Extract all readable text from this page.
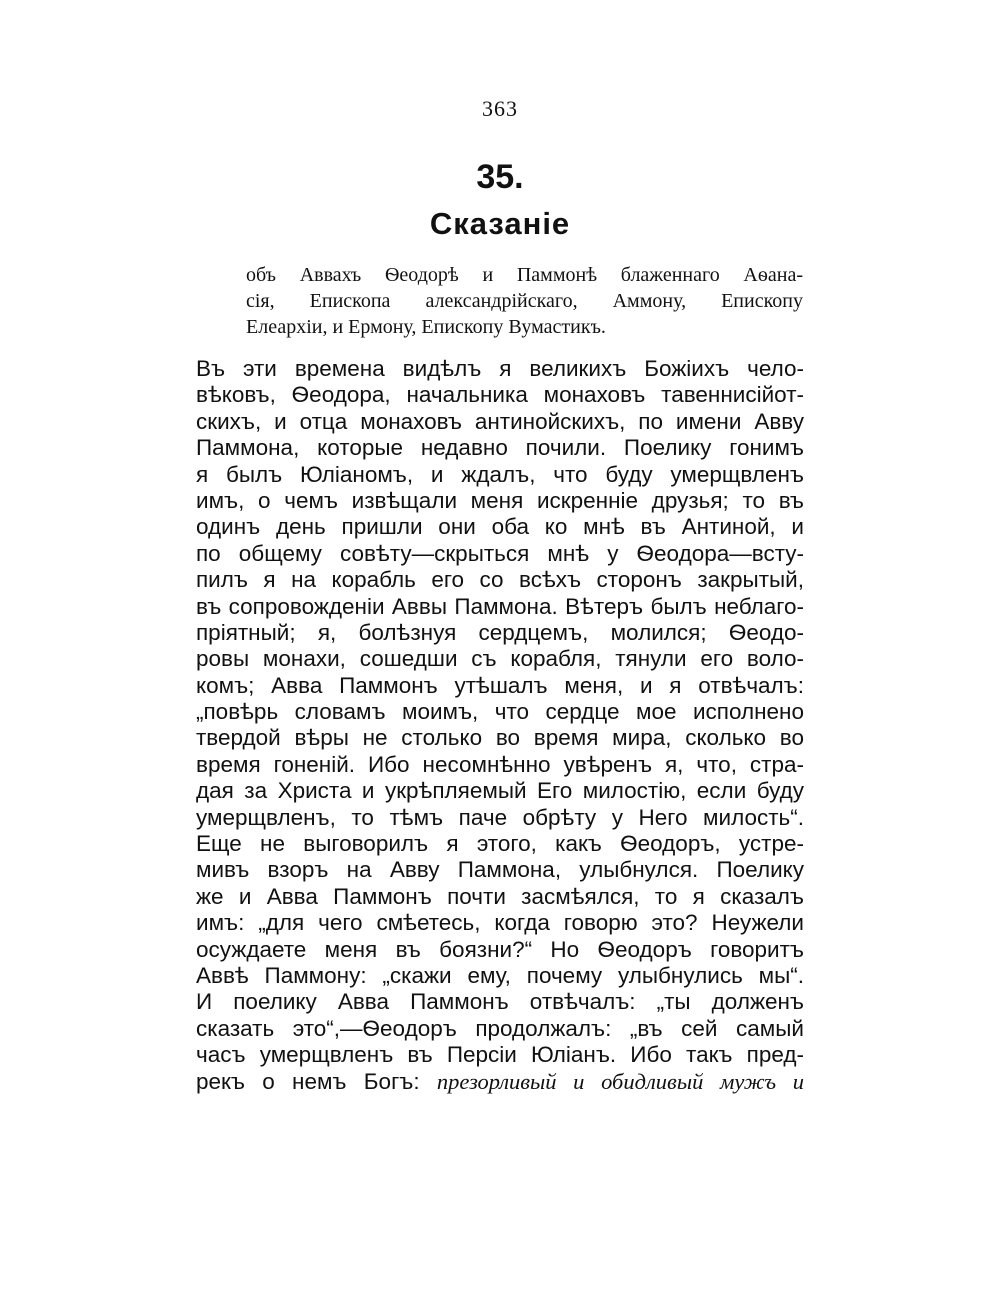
363
35.
Сказаніе
объ Аввахъ Ѳеодорѣ и Паммонѣ блаженнаго Аѳана-
сія, Епископа александрійскаго, Аммону, Епископу
Елеархіи, и Ермону, Епископу Вумастикъ.
Въ эти времена видѣлъ я великихъ Божіихъ чело-
вѣковъ, Ѳеодора, начальника монаховъ тавеннисійот-
скихъ, и отца монаховъ антинойскихъ, по имени Авву
Паммона, которые недавно почили. Поелику гонимъ
я былъ Юліаномъ, и ждалъ, что буду умерщвленъ
имъ, о чемъ извѣщали меня искренніе друзья; то въ
одинъ день пришли они оба ко мнѣ въ Антиной, и
по общему совѣту—скрыться мнѣ у Ѳеодора—всту-
пилъ я на корабль его со всѣхъ сторонъ закрытый,
въ сопровожденіи Аввы Паммона. Вѣтеръ былъ неблаго-
пріятный; я, болѣзнуя сердцемъ, молился; Ѳеодо-
ровы монахи, сошедши съ корабля, тянули его воло-
комъ; Авва Паммонъ утѣшалъ меня, и я отвѣчалъ:
„повѣрь словамъ моимъ, что сердце мое исполнено
твердой вѣры не столько во время мира, сколько во
время гоненій. Ибо несомнѣнно увѣренъ я, что, стра-
дая за Христа и укрѣпляемый Его милостію, если буду
умерщвленъ, то тѣмъ паче обрѣту у Него милость“.
Еще не выговорилъ я этого, какъ Ѳеодоръ, устре-
мивъ взоръ на Авву Паммона, улыбнулся. Поелику
же и Авва Паммонъ почти засмѣялся, то я сказалъ
имъ: „для чего смѣетесь, когда говорю это? Неужели
осуждаете меня въ боязни?“ Но Ѳеодоръ говоритъ
Аввѣ Паммону: „скажи ему, почему улыбнулись мы“.
И поелику Авва Паммонъ отвѣчалъ: „ты долженъ
сказать это“,—Ѳеодоръ продолжалъ: „въ сей самый
часъ умерщвленъ въ Персіи Юліанъ. Ибо такъ пред-
рекъ о немъ Богъ: презорливый и обидливый мужъ и
